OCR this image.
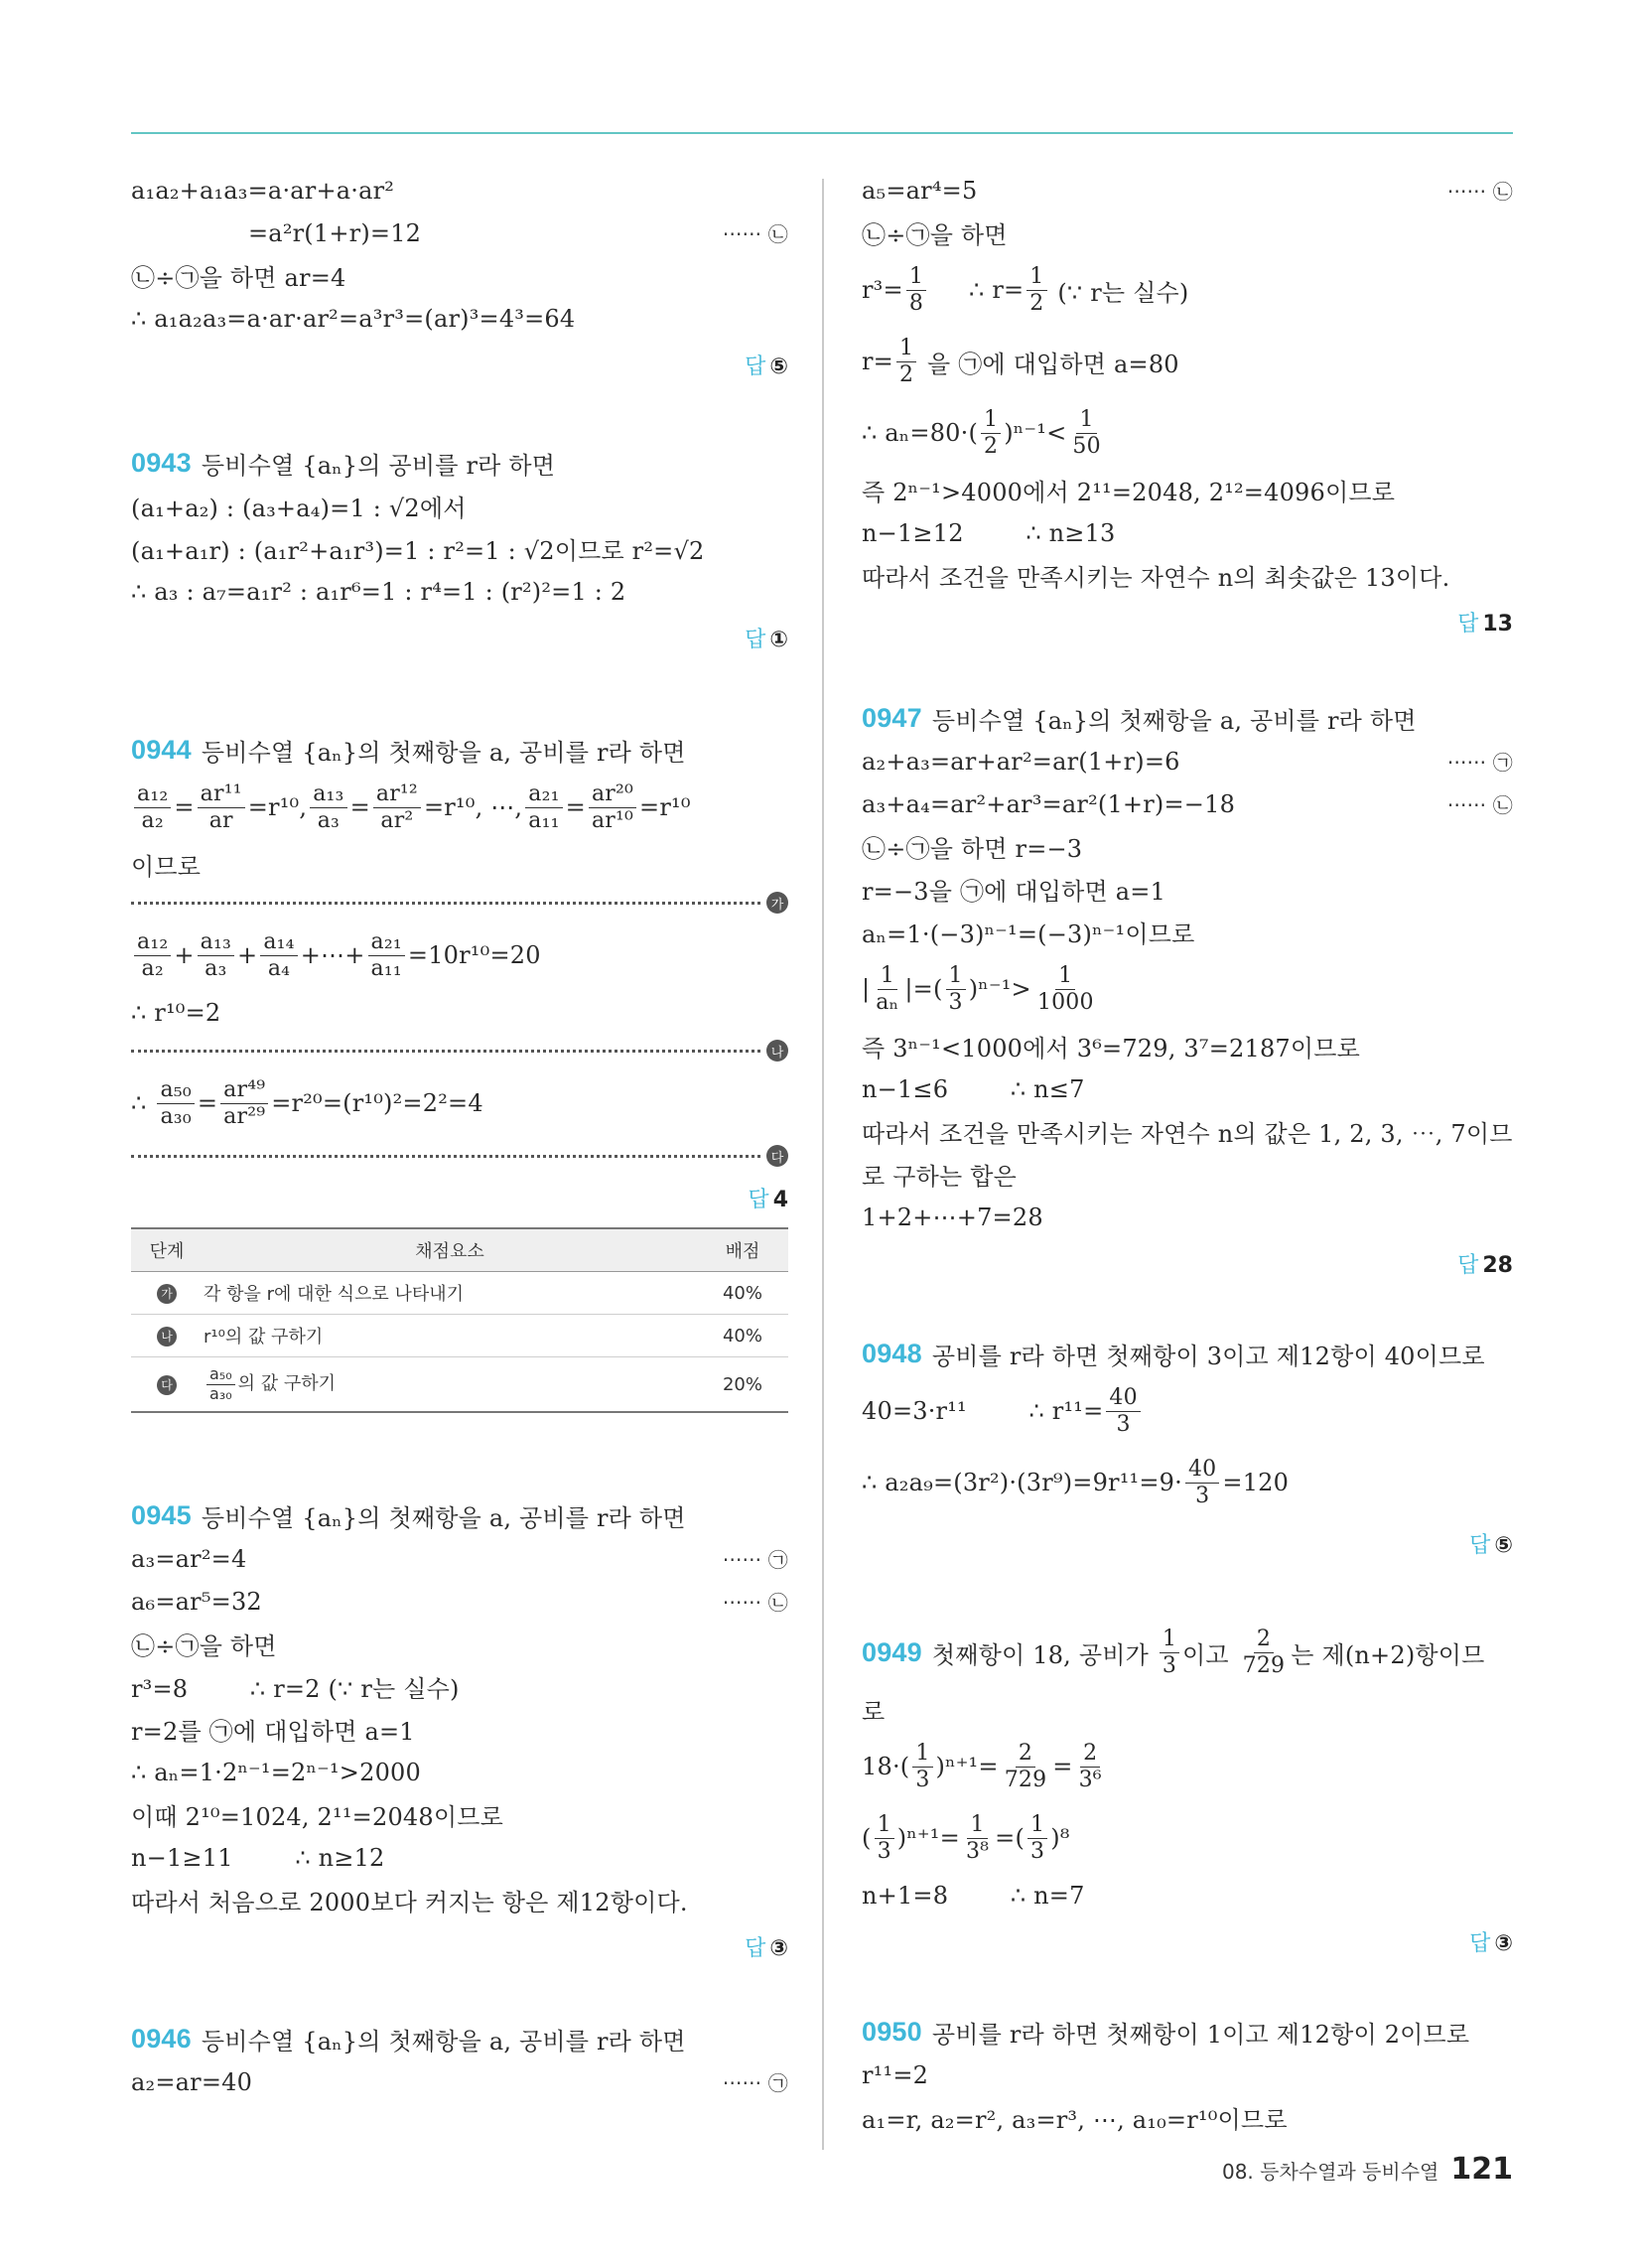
a₁a₂+a₁a₃=a·ar+a·ar²
=a²r(1+r)=12	······ ㉡
㉡÷㉠을 하면 ar=4
∴ a₁a₂a₃=a·ar·ar²=a³r³=(ar)³=4³=64
답 ⑤
0943 등비수열 {aₙ}의 공비를 r라 하면
(a₁+a₂) : (a₃+a₄)=1 : √2에서
(a₁+a₁r) : (a₁r²+a₁r³)=1 : r²=1 : √2이므로 r²=√2
∴ a₃ : a₇=a₁r² : a₁r⁶=1 : r⁴=1 : (r²)²=1 : 2
답 ①
0944 등비수열 {aₙ}의 첫째항을 a, 공비를 r라 하면
$\frac{\text{a₁₂}}{\text{a₂}} = \frac{\text{ar¹¹}}{ar} =r^{10}$, $\frac{\text{a₁₃}}{\text{a₃}} = \frac{\text{ar¹²}}{\text{ar²}} =r^{10}$, ⋯, $\frac{\text{a₂₁}}{\text{a₁₁}} = \frac{\text{ar²⁰}}{\text{ar¹⁰}} =r^{10}$
이므로
가
$\frac{\text{a₁₂}}{\text{a₂}} + \frac{\text{a₁₃}}{\text{a₃}} + \frac{\text{a₁₄}}{\text{a₄}}$ +⋯+ $\frac{\text{a₂₁}}{\text{a₁₁}} =10r^{10}=20$
∴ r¹⁰=2
나
∴ $\frac{\text{a₅₀}}{\text{a₃₀}} = \frac{\text{ar⁴⁹}}{\text{ar²⁹}} =r^{20}=(r^{10})^2=2^2=4$
다
답 4
단계	채점요소	배점
가	각 항을 r에 대한 식으로 나타내기	40%
나	r¹⁰의 값 구하기	40%
다	$\frac{\text{a₅₀}}{\text{a₃₀}}$ 의 값 구하기	20%
0945 등비수열 {aₙ}의 첫째항을 a, 공비를 r라 하면
a₃=ar²=4	······ ㉠
a₆=ar⁵=32	······ ㉡
㉡÷㉠을 하면
r³=8        ∴ r=2 (∵ r는 실수)
r=2를 ㉠에 대입하면 a=1
∴ aₙ=1·2ⁿ⁻¹=2ⁿ⁻¹>2000
이때 2¹⁰=1024, 2¹¹=2048이므로
n−1≥11        ∴ n≥12
따라서 처음으로 2000보다 커지는 항은 제12항이다.
답 ③
0946 등비수열 {aₙ}의 첫째항을 a, 공비를 r라 하면
a₂=ar=40	······ ㉠
a₅=ar⁴=5	······ ㉡
㉡÷㉠을 하면
$r^3= \frac{1}{8}$ ∴ $r= \frac{1}{2}$ (∵ r는 실수)
$r= \frac{1}{2}$ 을 ㉠에 대입하면 a=80
∴ $a_n=80\cdot( \frac{1}{2} )^{n-1}< \frac{1}{50}$
즉 2ⁿ⁻¹>4000에서 2¹¹=2048, 2¹²=4096이므로
n−1≥12        ∴ n≥13
따라서 조건을 만족시키는 자연수 n의 최솟값은 13이다.
답 13
0947 등비수열 {aₙ}의 첫째항을 a, 공비를 r라 하면
a₂+a₃=ar+ar²=ar(1+r)=6	······ ㉠
a₃+a₄=ar²+ar³=ar²(1+r)=−18	······ ㉡
㉡÷㉠을 하면 r=−3
r=−3을 ㉠에 대입하면 a=1
aₙ=1·(−3)ⁿ⁻¹=(−3)ⁿ⁻¹이므로
| $\frac{1}{\text{aₙ}}$ |=( $\frac{1}{3} )^{n-1}> \frac{1}{1000}$
즉 3ⁿ⁻¹<1000에서 3⁶=729, 3⁷=2187이므로
n−1≤6        ∴ n≤7
따라서 조건을 만족시키는 자연수 n의 값은 1, 2, 3, ⋯, 7이므
로 구하는 합은
1+2+⋯+7=28
답 28
0948 공비를 r라 하면 첫째항이 3이고 제12항이 40이므로
40=3·r¹¹        ∴ $r^{11}= \frac{40}{3}$
∴ $a_2a_9=(3r^2)\cdot(3r^9)=9r^{11}=9\cdot \frac{40}{3} =120$
답 ⑤
0949 첫째항이 18, 공비가 $\frac{1}{3}$ 이고 $\frac{2}{729}$ 는 제(n+2)항이므
로
$18\cdot( \frac{1}{3} )^{n+1}= \frac{2}{729} = \frac{2}{\text{3⁶}}$
( $\frac{1}{3} )^{n+1}= \frac{1}{\text{3⁸}}$ =( $\frac{1}{3} )^8$
n+1=8        ∴ n=7
답 ③
0950 공비를 r라 하면 첫째항이 1이고 제12항이 2이므로
r¹¹=2
a₁=r, a₂=r², a₃=r³, ⋯, a₁₀=r¹⁰이므로
08. 등차수열과 등비수열 121
